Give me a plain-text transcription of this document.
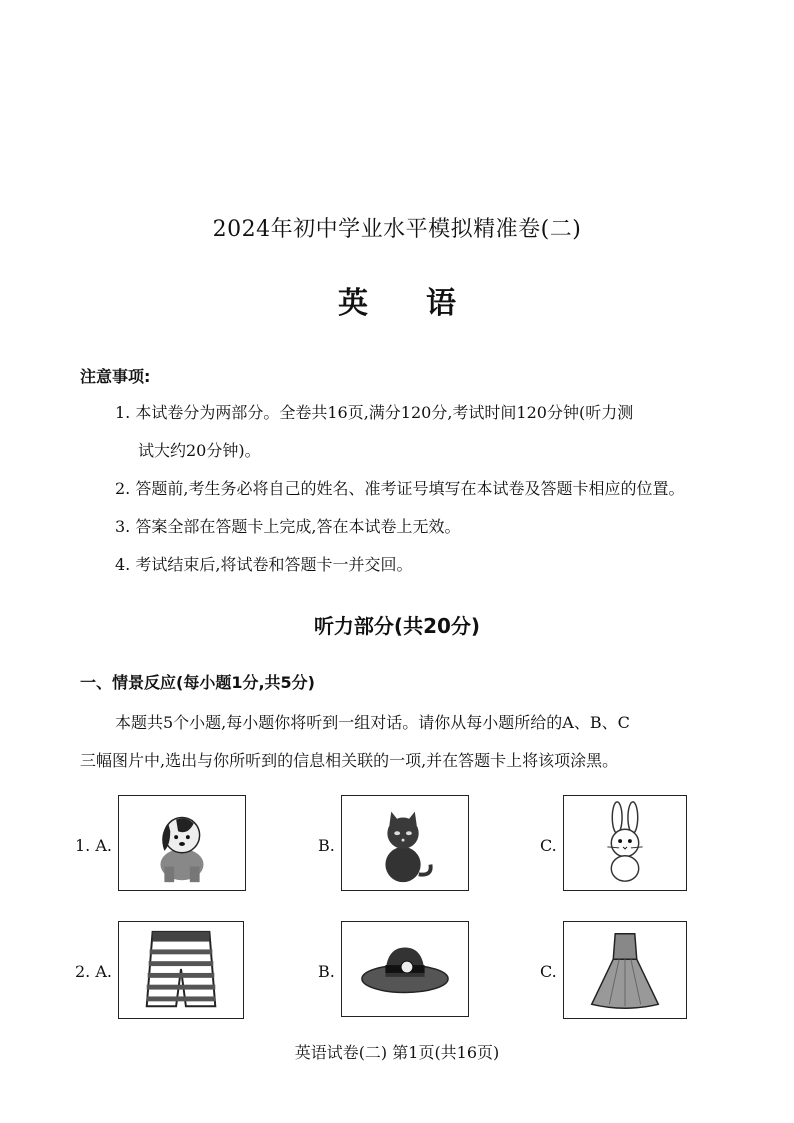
2024年初中学业水平模拟精准卷(二)
英语
注意事项:
1. 本试卷分为两部分。全卷共16页,满分120分,考试时间120分钟(听力测
试大约20分钟)。
2. 答题前,考生务必将自己的姓名、准考证号填写在本试卷及答题卡相应的位置。
3. 答案全部在答题卡上完成,答在本试卷上无效。
4. 考试结束后,将试卷和答题卡一并交回。
听力部分(共20分)
一、情景反应(每小题1分,共5分)
本题共5个小题,每小题你将听到一组对话。请你从每小题所给的A、B、C
三幅图片中,选出与你所听到的信息相关联的一项,并在答题卡上将该项涂黑。
1. A.	B.	C.
2. A.	B.	C.
英语试卷(二) 第1页(共16页)
